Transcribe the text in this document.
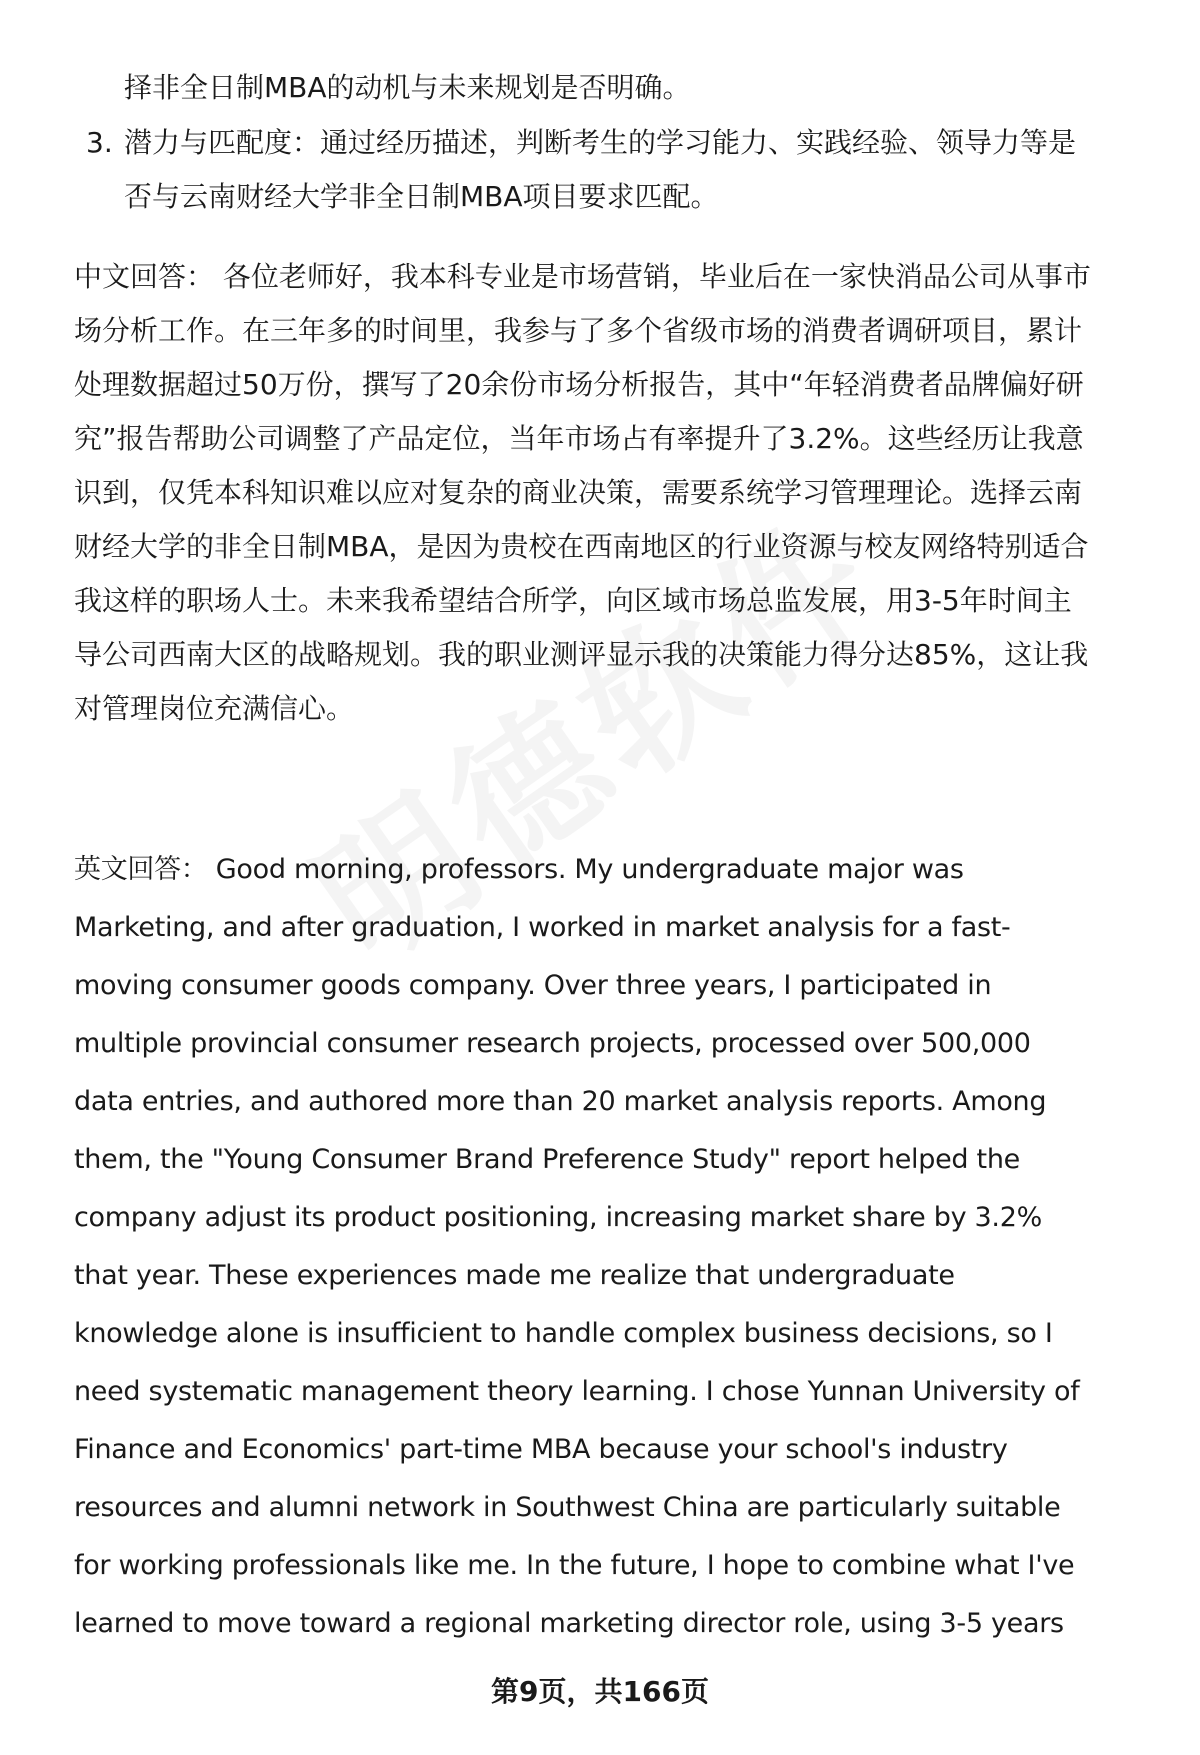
择非全日制MBA的动机与未来规划是否明确。
3. 潜力与匹配度：通过经历描述，判断考生的学习能力、实践经验、领导力等是
否与云南财经大学非全日制MBA项目要求匹配。
中文回答： 各位老师好，我本科专业是市场营销，毕业后在一家快消品公司从事市
场分析工作。在三年多的时间里，我参与了多个省级市场的消费者调研项目，累计
处理数据超过50万份，撰写了20余份市场分析报告，其中“年轻消费者品牌偏好研
究”报告帮助公司调整了产品定位，当年市场占有率提升了3.2%。这些经历让我意
识到，仅凭本科知识难以应对复杂的商业决策，需要系统学习管理理论。选择云南
财经大学的非全日制MBA，是因为贵校在西南地区的行业资源与校友网络特别适合
我这样的职场人士。未来我希望结合所学，向区域市场总监发展，用3-5年时间主
导公司西南大区的战略规划。我的职业测评显示我的决策能力得分达85%，这让我
对管理岗位充满信心。
英文回答： Good morning, professors. My undergraduate major was
Marketing, and after graduation, I worked in market analysis for a fast-
moving consumer goods company. Over three years, I participated in
multiple provincial consumer research projects, processed over 500,000
data entries, and authored more than 20 market analysis reports. Among
them, the "Young Consumer Brand Preference Study" report helped the
company adjust its product positioning, increasing market share by 3.2%
that year. These experiences made me realize that undergraduate
knowledge alone is insufficient to handle complex business decisions, so I
need systematic management theory learning. I chose Yunnan University of
Finance and Economics' part-time MBA because your school's industry
resources and alumni network in Southwest China are particularly suitable
for working professionals like me. In the future, I hope to combine what I've
learned to move toward a regional marketing director role, using 3-5 years
第9页，共166页
